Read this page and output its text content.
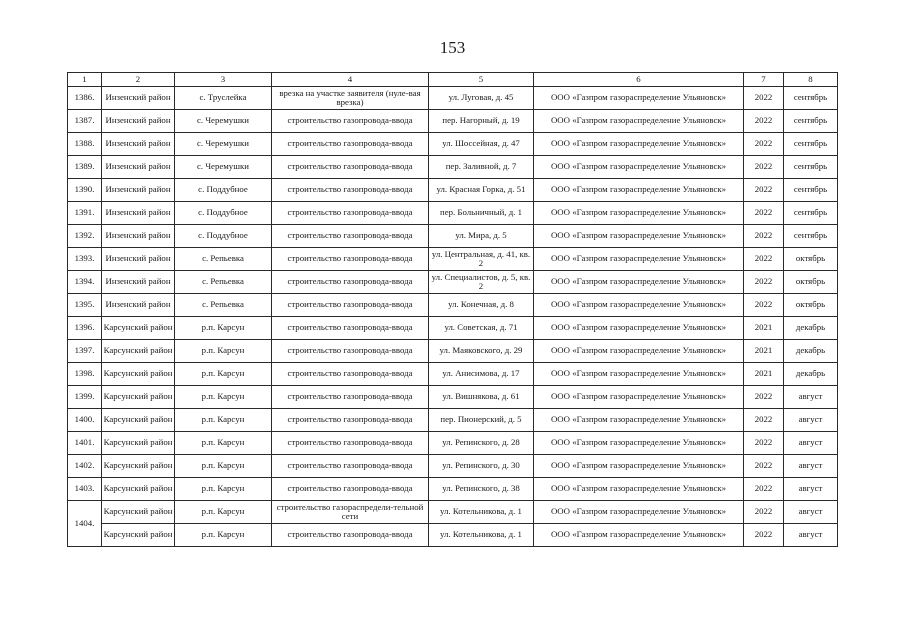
153
1	2	3	4	5	6	7	8
1386.	Инзенский район	с. Труслейка	врезка на участке заявителя (нуле-вая врезка)	ул. Луговая, д. 45	ООО «Газпром газораспределение Ульяновск»	2022	сентябрь
1387.	Инзенский район	с. Черемушки	строительство газопровода-ввода	пер. Нагорный, д. 19	ООО «Газпром газораспределение Ульяновск»	2022	сентябрь
1388.	Инзенский район	с. Черемушки	строительство газопровода-ввода	ул. Шоссейная, д. 47	ООО «Газпром газораспределение Ульяновск»	2022	сентябрь
1389.	Инзенский район	с. Черемушки	строительство газопровода-ввода	пер. Заливной, д. 7	ООО «Газпром газораспределение Ульяновск»	2022	сентябрь
1390.	Инзенский район	с. Поддубное	строительство газопровода-ввода	ул. Красная Горка, д. 51	ООО «Газпром газораспределение Ульяновск»	2022	сентябрь
1391.	Инзенский район	с. Поддубное	строительство газопровода-ввода	пер. Больничный, д. 1	ООО «Газпром газораспределение Ульяновск»	2022	сентябрь
1392.	Инзенский район	с. Поддубное	строительство газопровода-ввода	ул. Мира, д. 5	ООО «Газпром газораспределение Ульяновск»	2022	сентябрь
1393.	Инзенский район	с. Репьевка	строительство газопровода-ввода	ул. Центральная, д. 41, кв. 2	ООО «Газпром газораспределение Ульяновск»	2022	октябрь
1394.	Инзенский район	с. Репьевка	строительство газопровода-ввода	ул. Специалистов, д. 5, кв. 2	ООО «Газпром газораспределение Ульяновск»	2022	октябрь
1395.	Инзенский район	с. Репьевка	строительство газопровода-ввода	ул. Конечная, д. 8	ООО «Газпром газораспределение Ульяновск»	2022	октябрь
1396.	Карсунский район	р.п. Карсун	строительство газопровода-ввода	ул. Советская, д. 71	ООО «Газпром газораспределение Ульяновск»	2021	декабрь
1397.	Карсунский район	р.п. Карсун	строительство газопровода-ввода	ул. Маяковского, д. 29	ООО «Газпром газораспределение Ульяновск»	2021	декабрь
1398.	Карсунский район	р.п. Карсун	строительство газопровода-ввода	ул. Анисимова, д. 17	ООО «Газпром газораспределение Ульяновск»	2021	декабрь
1399.	Карсунский район	р.п. Карсун	строительство газопровода-ввода	ул. Вишнякова, д. 61	ООО «Газпром газораспределение Ульяновск»	2022	август
1400.	Карсунский район	р.п. Карсун	строительство газопровода-ввода	пер. Пионерский, д. 5	ООО «Газпром газораспределение Ульяновск»	2022	август
1401.	Карсунский район	р.п. Карсун	строительство газопровода-ввода	ул. Репинского, д. 28	ООО «Газпром газораспределение Ульяновск»	2022	август
1402.	Карсунский район	р.п. Карсун	строительство газопровода-ввода	ул. Репинского, д. 30	ООО «Газпром газораспределение Ульяновск»	2022	август
1403.	Карсунский район	р.п. Карсун	строительство газопровода-ввода	ул. Репинского, д. 38	ООО «Газпром газораспределение Ульяновск»	2022	август
1404.	Карсунский район	р.п. Карсун	строительство газораспредели-тельной сети	ул. Котельникова, д. 1	ООО «Газпром газораспределение Ульяновск»	2022	август
	Карсунский район	р.п. Карсун	строительство газопровода-ввода	ул. Котельникова, д. 1	ООО «Газпром газораспределение Ульяновск»	2022	август
